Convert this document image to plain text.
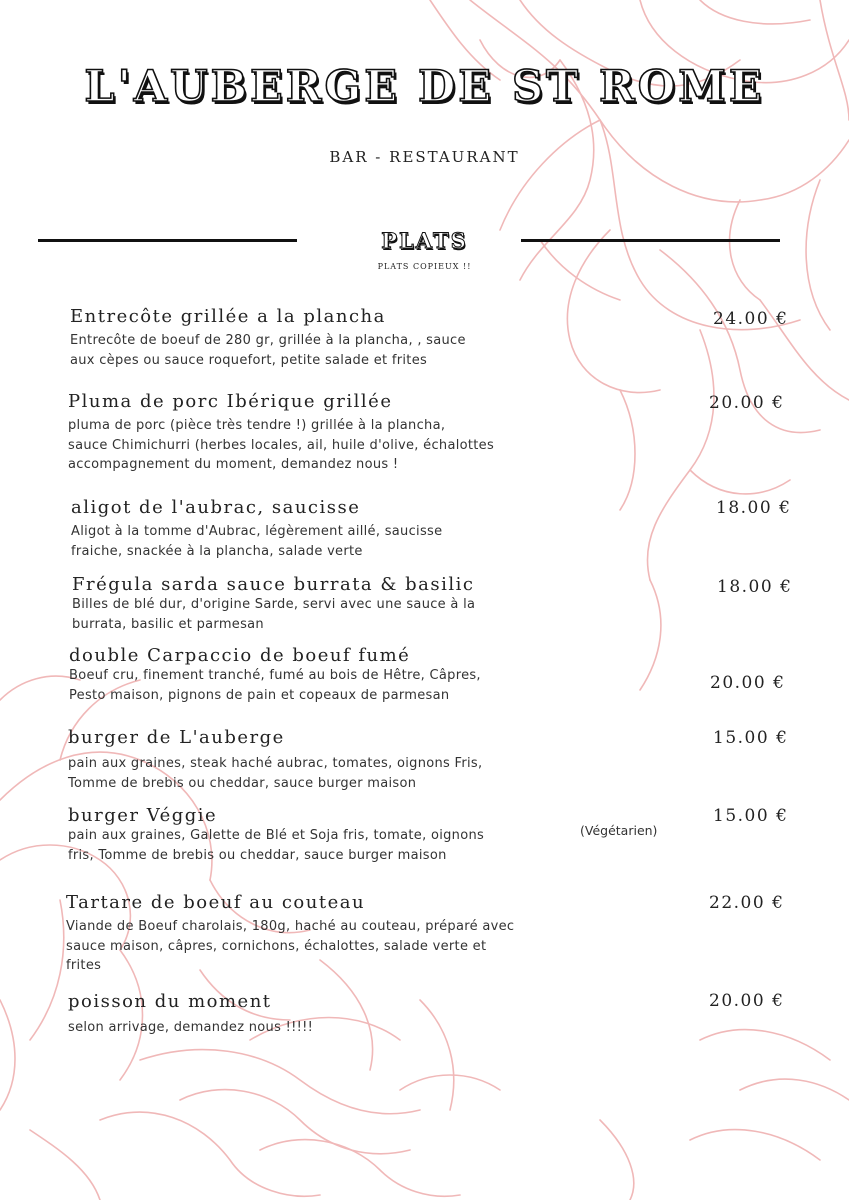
L'AUBERGE DE ST ROME
BAR - RESTAURANT
PLATS
PLATS COPIEUX !!
Entrecôte grillée a la plancha
Entrecôte de boeuf de 280 gr, grillée à la plancha, , sauce
aux cèpes ou sauce roquefort, petite salade et frites
24.00 €
Pluma de porc Ibérique grillée
pluma de porc (pièce très tendre !) grillée à la plancha,
sauce Chimichurri (herbes locales, ail, huile d'olive, échalottes
accompagnement du moment, demandez nous !
20.00 €
aligot de l'aubrac, saucisse
Aligot à la tomme d'Aubrac, légèrement aillé, saucisse
fraiche, snackée à la plancha, salade verte
18.00 €
Frégula sarda sauce burrata & basilic
Billes de blé dur, d'origine Sarde, servi avec une sauce à la
burrata, basilic et parmesan
18.00 €
double Carpaccio de boeuf fumé
Boeuf cru, finement tranché, fumé au bois de Hêtre, Câpres,
Pesto maison, pignons de pain et copeaux de parmesan
20.00 €
burger de L'auberge
pain aux graines, steak haché aubrac, tomates, oignons Fris,
Tomme de brebis ou cheddar, sauce burger maison
15.00 €
burger Véggie
pain aux graines, Galette de Blé et Soja fris, tomate, oignons
fris, Tomme de brebis ou cheddar, sauce burger maison
(Végétarien)
15.00 €
Tartare de boeuf au couteau
Viande de Boeuf charolais, 180g, haché au couteau, préparé avec
sauce maison, câpres, cornichons, échalottes, salade verte et
frites
22.00 €
poisson du moment
selon arrivage, demandez nous !!!!!
20.00 €
